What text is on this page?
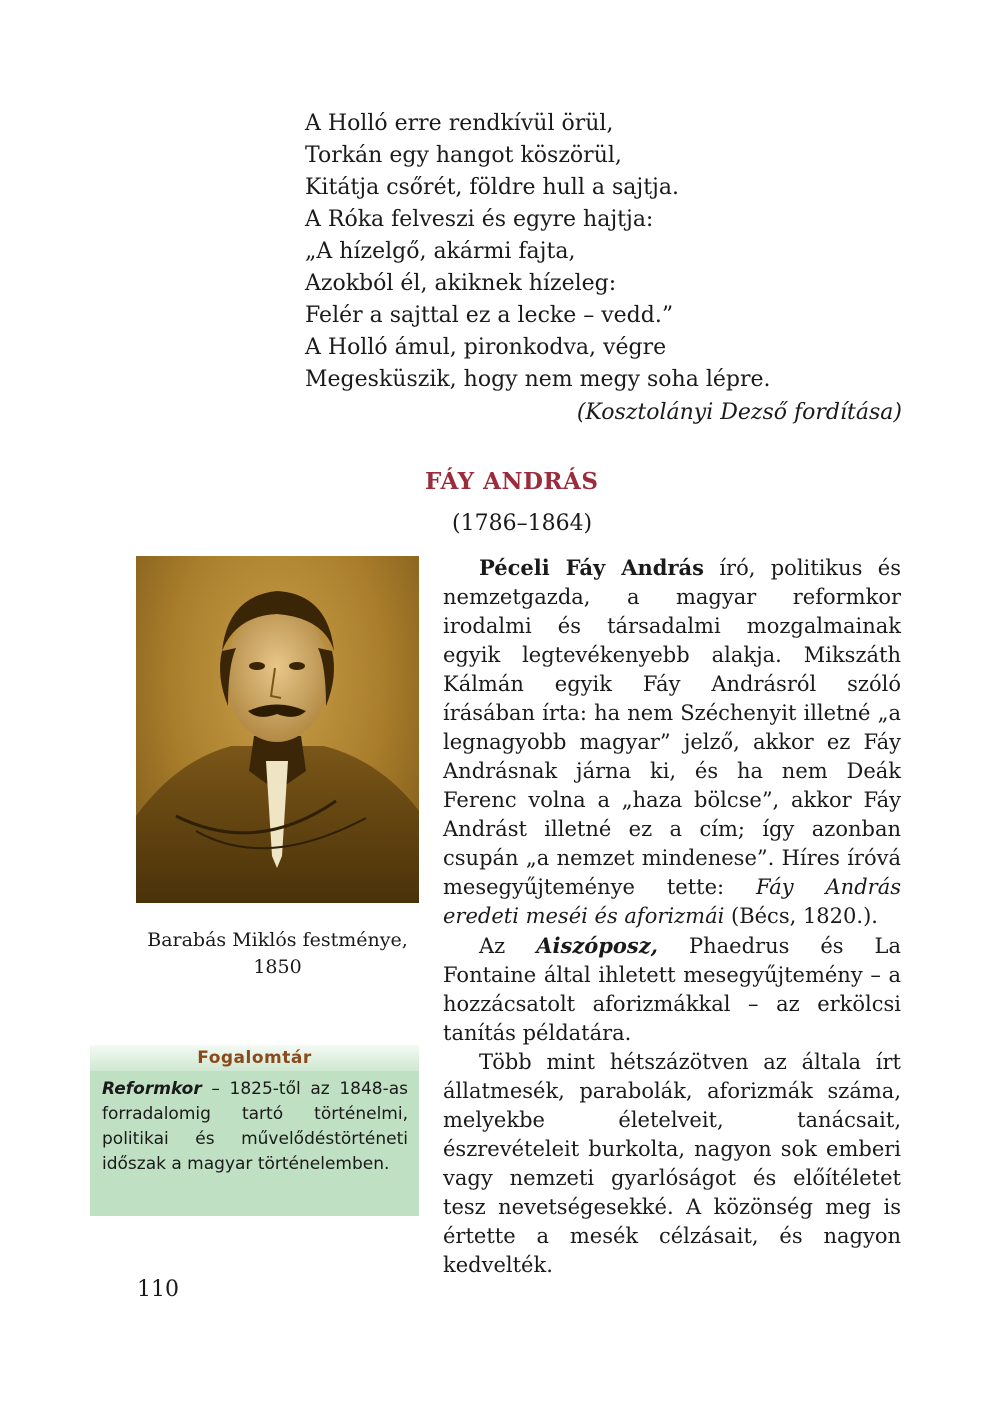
A Holló erre rendkívül örül,
Torkán egy hangot köszörül,
Kitátja csőrét, földre hull a sajtja.
A Róka felveszi és egyre hajtja:
„A hízelgő, akármi fajta,
Azokból él, akiknek hízeleg:
Felér a sajttal ez a lecke – vedd.”
A Holló ámul, pironkodva, végre
Megesküszik, hogy nem megy soha lépre.
(Kosztolányi Dezső fordítása)
FÁY ANDRÁS
(1786–1864)
Barabás Miklós festménye,
1850
Fogalomtár
Reformkor – 1825-től az 1848-as forradalomig tartó történelmi, politikai és művelődéstörténeti időszak a magyar történelemben.

Péceli Fáy András író, politikus és nemzetgazda, a magyar reformkor irodalmi és társadalmi mozgalmainak egyik legtevékenyebb alakja. Mikszáth Kálmán egyik Fáy Andrásról szóló írásában írta: ha nem Széchenyit illetné „a legnagyobb magyar” jelző, akkor ez Fáy Andrásnak járna ki, és ha nem Deák Ferenc volna a „haza bölcse”, akkor Fáy Andrást illetné ez a cím; így azonban csupán „a nemzet mindenese”. Híres íróvá mesegyűjteménye tette: Fáy András eredeti meséi és aforizmái (Bécs, 1820.).

Az Aiszóposz, Phaedrus és La Fontaine által ihletett mesegyűjtemény – a hozzácsatolt aforizmákkal – az erkölcsi tanítás példatára.

Több mint hétszázötven az általa írt állatmesék, parabolák, aforizmák száma, melyekbe életelveit, tanácsait, észrevételeit burkolta, nagyon sok emberi vagy nemzeti gyarlóságot és előítéletet tesz nevetségesekké. A közönség meg is értette a mesék célzásait, és nagyon kedvelték.

110
